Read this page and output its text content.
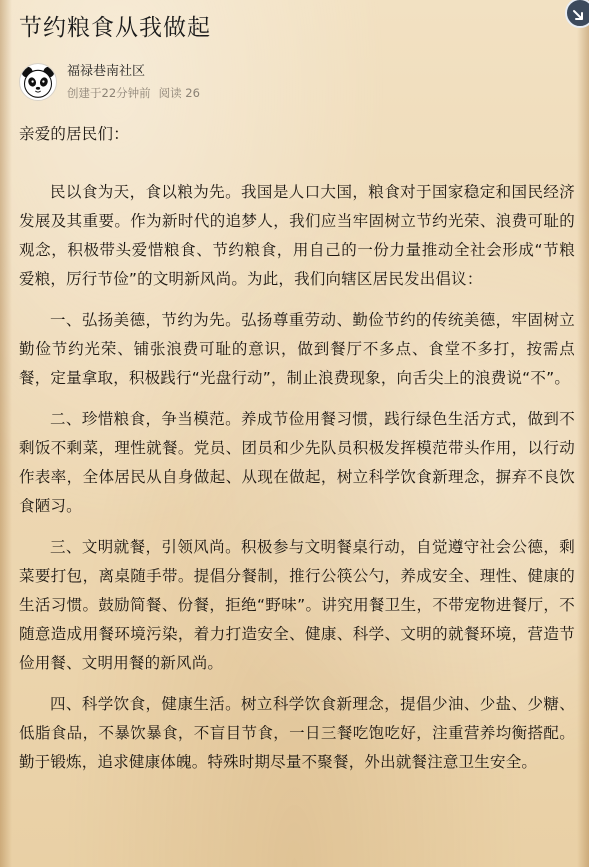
节约粮食从我做起
福禄巷南社区
创建于22分钟前 阅读 26

亲爱的居民们：

民以食为天，食以粮为先。我国是人口大国，粮食对于国家稳定和国民经济发展及其重要。作为新时代的追梦人，我们应当牢固树立节约光荣、浪费可耻的观念，积极带头爱惜粮食、节约粮食，用自己的一份力量推动全社会形成“节粮爱粮，厉行节俭”的文明新风尚。为此，我们向辖区居民发出倡议：

一、弘扬美德，节约为先。弘扬尊重劳动、勤俭节约的传统美德，牢固树立勤俭节约光荣、铺张浪费可耻的意识，做到餐厅不多点、食堂不多打，按需点餐，定量拿取，积极践行“光盘行动”，制止浪费现象，向舌尖上的浪费说“不”。

二、珍惜粮食，争当模范。养成节俭用餐习惯，践行绿色生活方式，做到不剩饭不剩菜，理性就餐。党员、团员和少先队员积极发挥模范带头作用，以行动作表率，全体居民从自身做起、从现在做起，树立科学饮食新理念，摒弃不良饮食陋习。

三、文明就餐，引领风尚。积极参与文明餐桌行动，自觉遵守社会公德，剩菜要打包，离桌随手带。提倡分餐制，推行公筷公勺，养成安全、理性、健康的生活习惯。鼓励简餐、份餐，拒绝“野味”。讲究用餐卫生，不带宠物进餐厅，不随意造成用餐环境污染，着力打造安全、健康、科学、文明的就餐环境，营造节俭用餐、文明用餐的新风尚。

四、科学饮食，健康生活。树立科学饮食新理念，提倡少油、少盐、少糖、低脂食品，不暴饮暴食，不盲目节食，一日三餐吃饱吃好，注重营养均衡搭配。勤于锻炼，追求健康体魄。特殊时期尽量不聚餐，外出就餐注意卫生安全。
